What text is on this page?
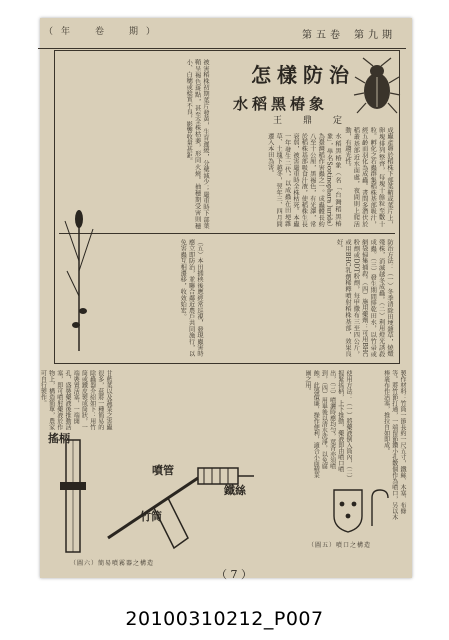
（年　卷　期）	第九期
第五卷
怎樣防治
水稻黑椿象
王　鼎　定
水稻黑椿象（名「台灣稻黑椿象」，學名Scotinophara lurida）為臺灣稻作害蟲之一。成蟲體長約八至十公厘，黑褐色，有光澤，常於稻株基部吸食汁液，使稻株生長衰弱，被害嚴重時全株枯死。本蟲一年發生二代，以成蟲在田埂雜草、土塊下越冬，翌年三、四月間遷入本田為害。	成蟲產卵於稻株下部葉鞘或葉片上，卵塊排列整齊，每塊十餘粒至數十粒。孵化之若蟲群集稻株基部吸汁，經五齡而羽化為成蟲。晝間多潛伏於稻叢基部近水面處，夜間則上爬活動，有趨光性。
被害稻株初期葉片發黃，生育遲緩，分蘗減少；嚴重時下部葉鞘呈褐色斑點，甚至全株枯萎，形同火燒。抽穗期受害則穗小、白穗或稔實不良，影響收量甚鉅。
防治方法：（一）冬季清除田埂雜草，燒燬殘株，消滅越冬成蟲。（二）利用燈光誘殺成蟲。（三）發生期間排乾田水，以竹帚或網袋掃集捕殺。（四）施用藥劑：可用BHC粉劑或DDT粉劑，每甲撒布三至四公斤，或用BHC乳劑稀釋噴射稻株基部，效果良好。
（五）本田插秧後應經常巡視，發現蟲害時應立即防治，並聯合鄰近農戶共同施行，以免害蟲互相遷移，收效始宏。
製作材料：竹筒一節長約一尺五寸，鐵絲、木塞、布條等。將竹節打通，一端留節鑽小孔數個作為噴口，另以木棒裹布作活塞，推拉自如即成。
使用方法：（一）將藥液倒入筒內，（二）握緊搖柄，上下推動，藥液即由噴口噴出，（三）噴灑時應均勻，葉背亦須噴到，（四）用畢後以清水洗淨，以免腐蝕。此器價廉，操作便利，適合小面積菜園之用。
甘藍葉以及蔬菜之害蟲很多，茲將一種簡易的除蟲器介紹如下：用竹筒或鐵皮製成筒狀，一端裝置活塞，一端開孔，盛裝藥液後推動活塞，即可噴射藥液於作物上，構造簡單，農家可自行製作。
（圖五）噴口之構造
搖柄
噴管
鐵絲
竹筒
（圖六）簡易噴霧器之構造
（ 7 ）
20100310212_P007
